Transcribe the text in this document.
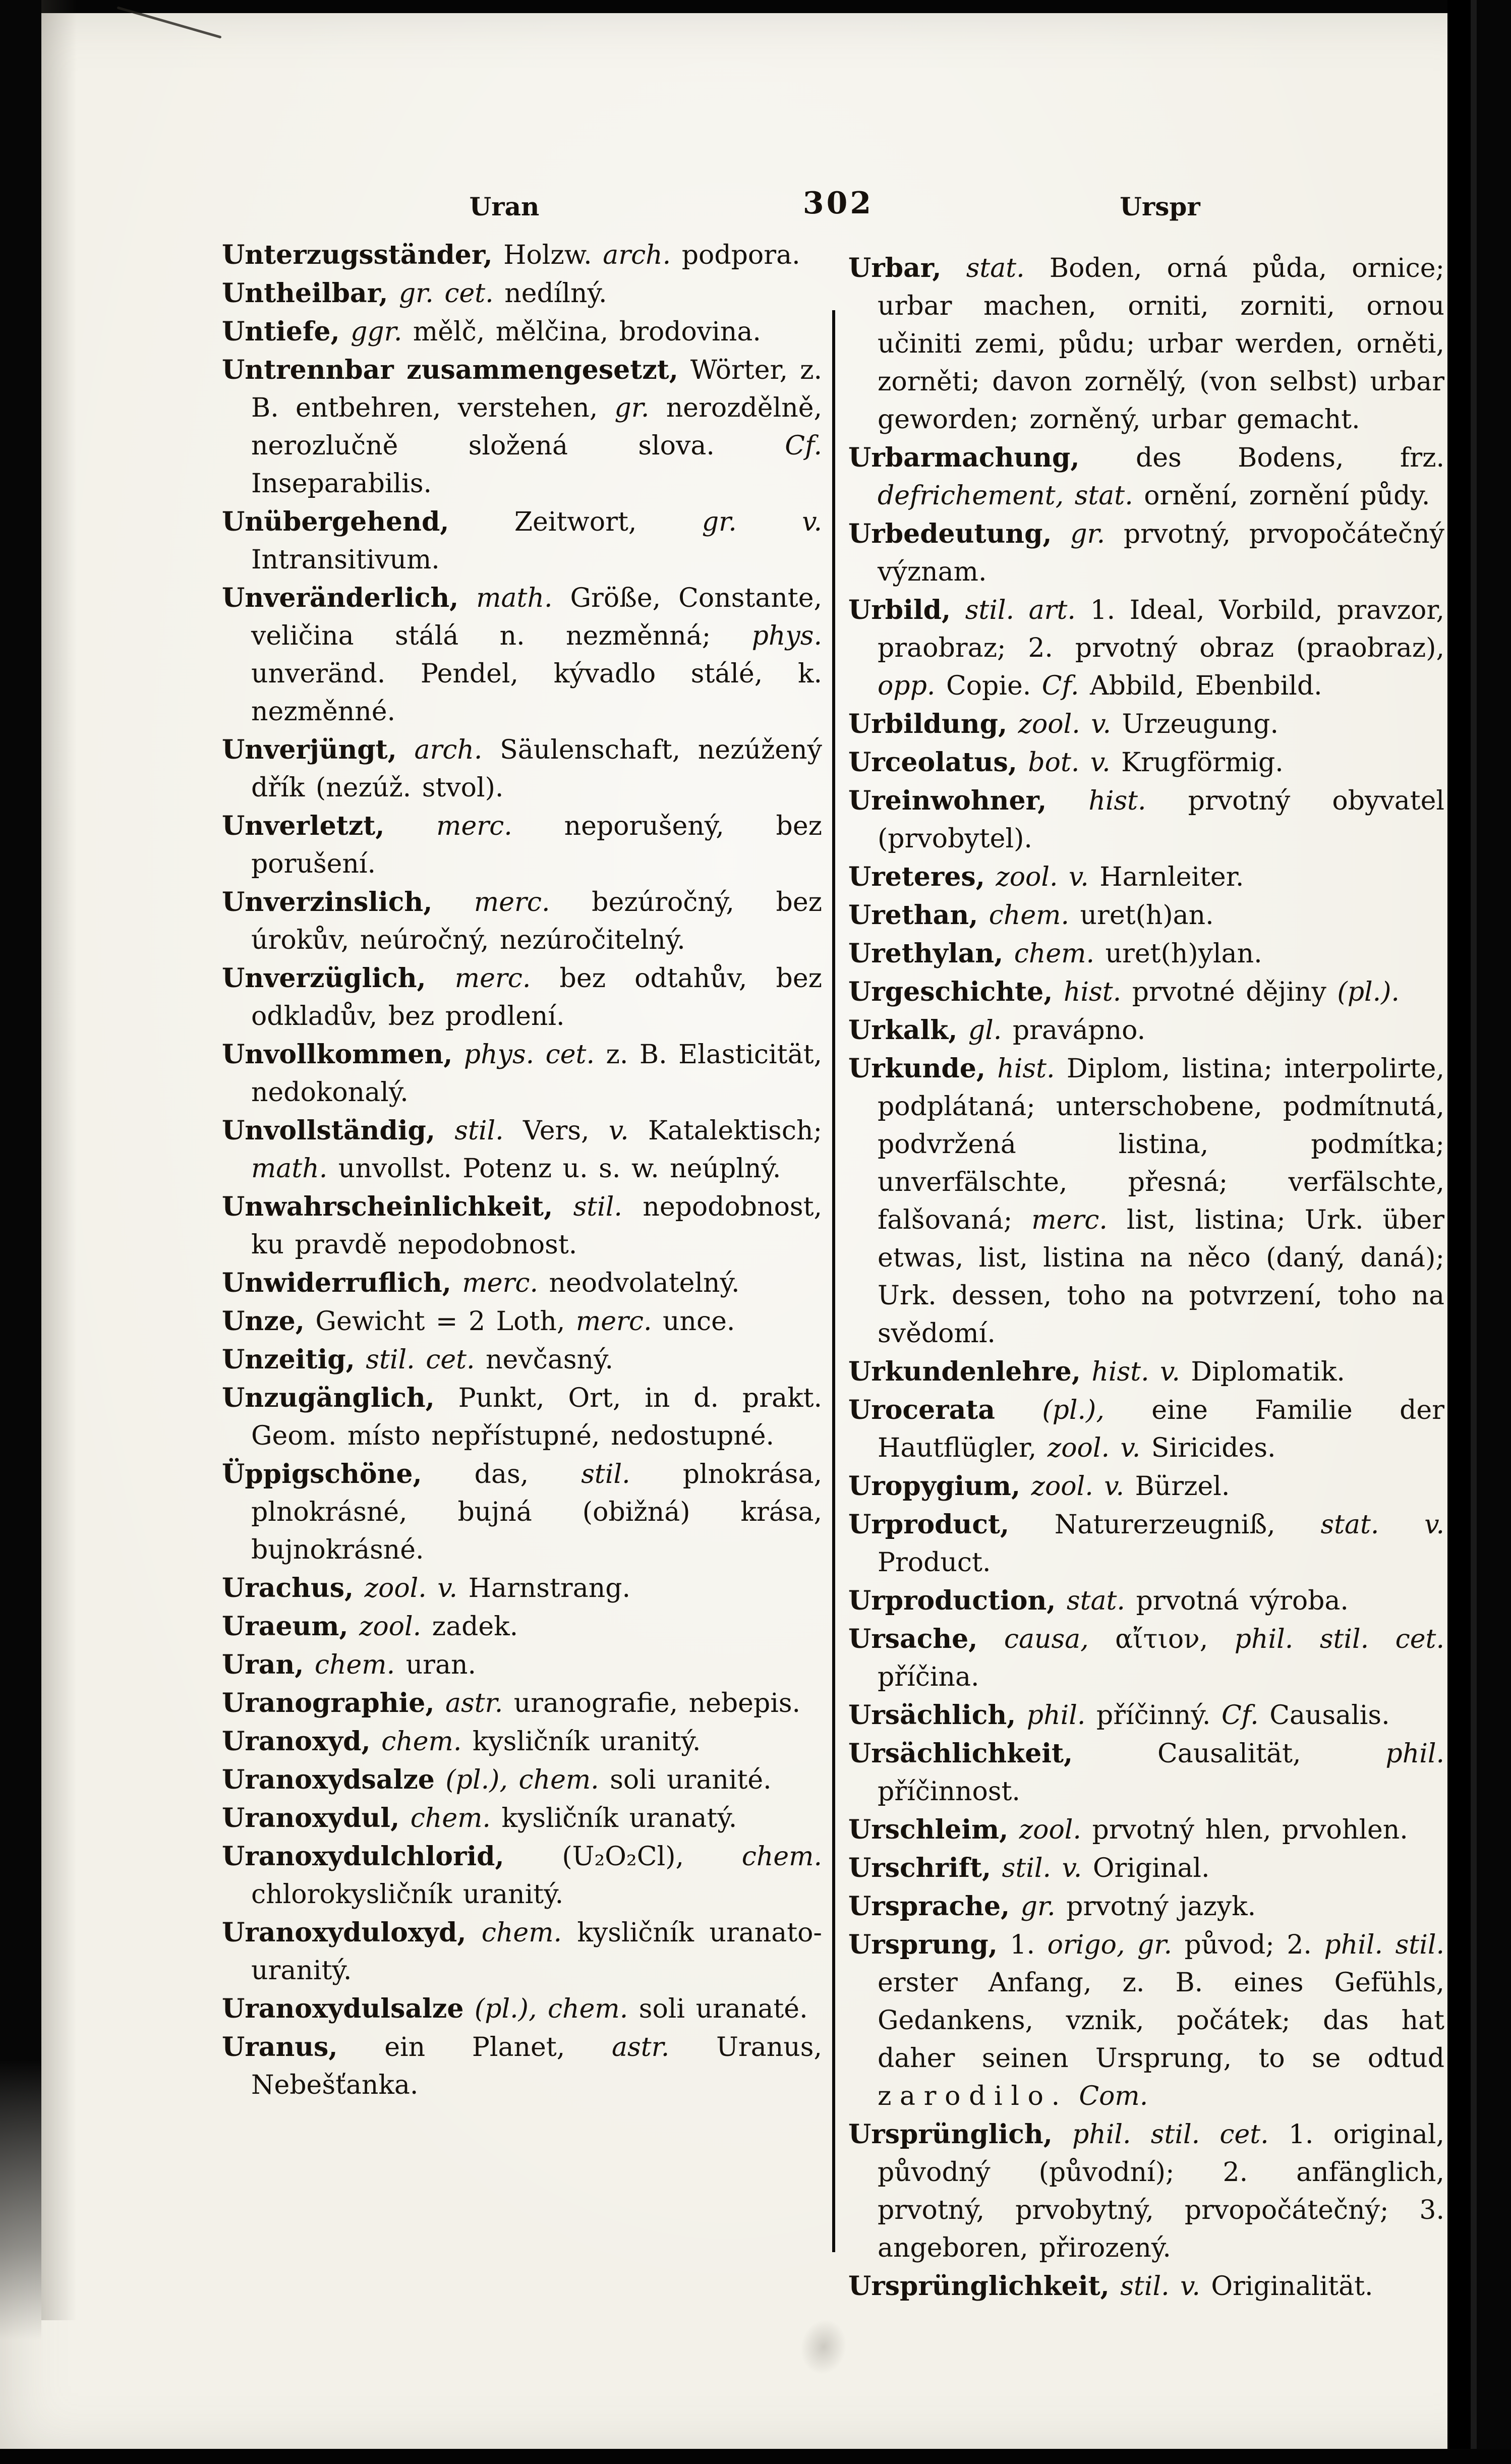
Uran	302	Urspr

Unterzugsständer, Holzw. arch. podpora.

Untheilbar, gr. cet. nedílný.

Untiefe, ggr. mělč, mělčina, brodovina.

Untrennbar zusammengesetzt, Wörter, z. B. entbehren, verstehen, gr. nerozdělně, nerozlučně složená slova. Cf. Inseparabilis.

Unübergehend, Zeitwort, gr. v. Intransitivum.

Unveränderlich, math. Größe, Constante, veličina stálá n. nezměnná; phys. unveränd. Pendel, kývadlo stálé, k. nezměnné.

Unverjüngt, arch. Säulenschaft, nezúžený dřík (nezúž. stvol).

Unverletzt, merc. neporušený, bez porušení.

Unverzinslich, merc. bezúročný, bez úrokův, neúročný, nezúročitelný.

Unverzüglich, merc. bez odtahův, bez odkladův, bez prodlení.

Unvollkommen, phys. cet. z. B. Elasticität, nedokonalý.

Unvollständig, stil. Vers, v. Katalektisch; math. unvollst. Potenz u. s. w. neúplný.

Unwahrscheinlichkeit, stil. nepodobnost, ku pravdě nepodobnost.

Unwiderruflich, merc. neodvolatelný.

Unze, Gewicht = 2 Loth, merc. unce.

Unzeitig, stil. cet. nevčasný.

Unzugänglich, Punkt, Ort, in d. prakt. Geom. místo nepřístupné, nedostupné.

Üppigschöne, das, stil. plnokrása, plnokrásné, bujná (obižná) krása, bujnokrásné.

Urachus, zool. v. Harnstrang.

Uraeum, zool. zadek.

Uran, chem. uran.

Uranographie, astr. uranografie, nebepis.

Uranoxyd, chem. kysličník uranitý.

Uranoxydsalze (pl.), chem. soli uranité.

Uranoxydul, chem. kysličník uranatý.

Uranoxydulchlorid, (U₂O₂Cl), chem. chlorokysličník uranitý.

Uranoxyduloxyd, chem. kysličník uranato-uranitý.

Uranoxydulsalze (pl.), chem. soli uranaté.

Uranus, ein Planet, astr. Uranus, Nebešťanka.

Urbar, stat. Boden, orná půda, ornice; urbar machen, orniti, zorniti, ornou učiniti zemi, půdu; urbar werden, orněti, zorněti; davon zornělý, (von selbst) urbar geworden; zorněný, urbar gemacht.

Urbarmachung, des Bodens, frz. defrichement, stat. ornění, zornění půdy.

Urbedeutung, gr. prvotný, prvopočátečný význam.

Urbild, stil. art. 1. Ideal, Vorbild, pravzor, praobraz; 2. prvotný obraz (praobraz), opp. Copie. Cf. Abbild, Ebenbild.

Urbildung, zool. v. Urzeugung.

Urceolatus, bot. v. Krugförmig.

Ureinwohner, hist. prvotný obyvatel (prvobytel).

Ureteres, zool. v. Harnleiter.

Urethan, chem. uret(h)an.

Urethylan, chem. uret(h)ylan.

Urgeschichte, hist. prvotné dějiny (pl.).

Urkalk, gl. pravápno.

Urkunde, hist. Diplom, listina; interpolirte, podplátaná; unterschobene, podmítnutá, podvržená listina, podmítka; unverfälschte, přesná; verfälschte, falšovaná; merc. list, listina; Urk. über etwas, list, listina na něco (daný, daná); Urk. dessen, toho na potvrzení, toho na svědomí.

Urkundenlehre, hist. v. Diplomatik.

Urocerata (pl.), eine Familie der Hautflügler, zool. v. Siricides.

Uropygium, zool. v. Bürzel.

Urproduct, Naturerzeugniß, stat. v. Product.

Urproduction, stat. prvotná výroba.

Ursache, causa, αἴτιον, phil. stil. cet. příčina.

Ursächlich, phil. příčinný. Cf. Causalis.

Ursächlichkeit, Causalität, phil. příčinnost.

Urschleim, zool. prvotný hlen, prvohlen.

Urschrift, stil. v. Original.

Ursprache, gr. prvotný jazyk.

Ursprung, 1. origo, gr. původ; 2. phil. stil. erster Anfang, z. B. eines Gefühls, Gedankens, vznik, počátek; das hat daher seinen Ursprung, to se odtud zarodilo. Com.

Ursprünglich, phil. stil. cet. 1. original, původný (původní); 2. anfänglich, prvotný, prvobytný, prvopočátečný; 3. angeboren, přirozený.

Ursprünglichkeit, stil. v. Originalität.
